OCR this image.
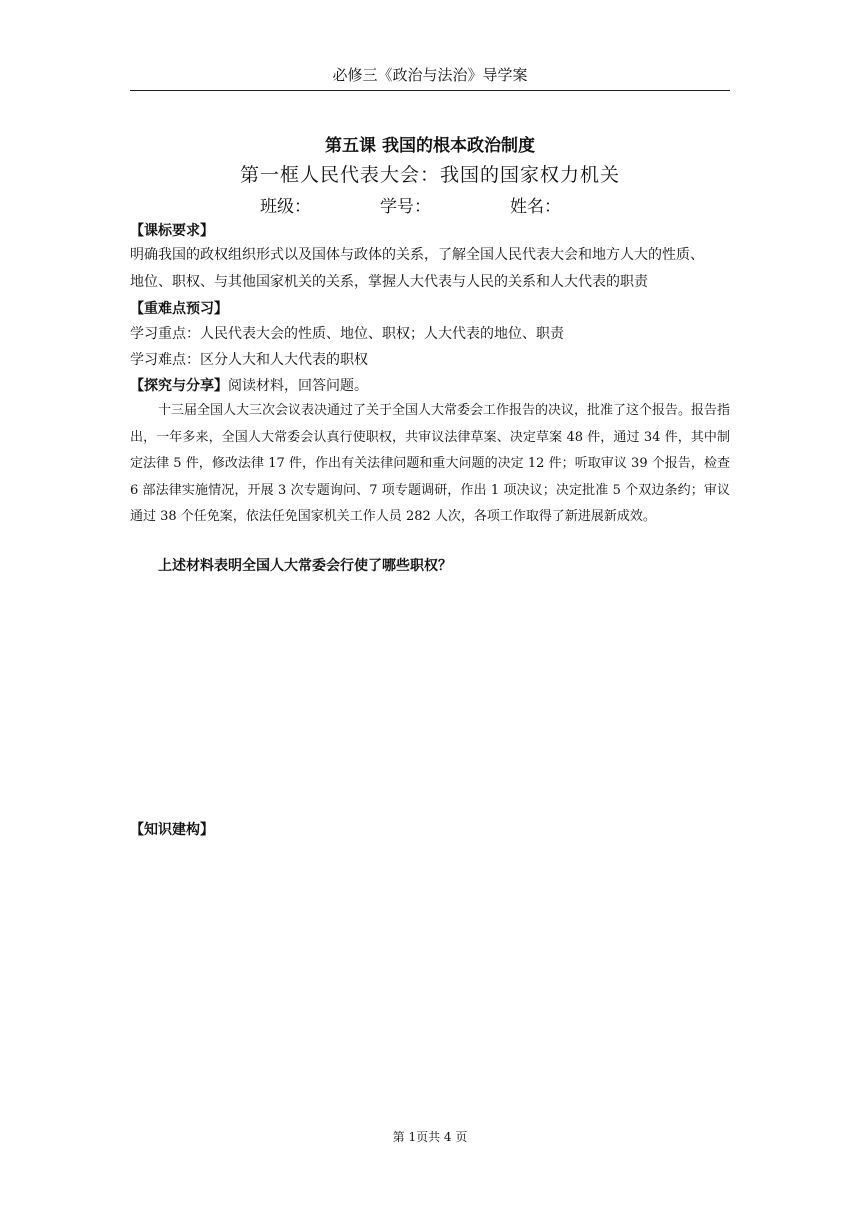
必修三《政治与法治》导学案
第五课 我国的根本政治制度
第一框人民代表大会：我国的国家权力机关
班级：	学号：	姓名：
【课标要求】
明确我国的政权组织形式以及国体与政体的关系，了解全国人民代表大会和地方人大的性质、
地位、职权、与其他国家机关的关系，掌握人大代表与人民的关系和人大代表的职责
【重难点预习】
学习重点：人民代表大会的性质、地位、职权；人大代表的地位、职责
学习难点：区分人大和人大代表的职权
【探究与分享】阅读材料，回答问题。
十三届全国人大三次会议表决通过了关于全国人大常委会工作报告的决议，批准了这个报告。报告指出，一年多来，全国人大常委会认真行使职权，共审议法律草案、决定草案 48 件，通过 34 件，其中制定法律 5 件，修改法律 17 件，作出有关法律问题和重大问题的决定 12 件；听取审议 39 个报告，检查 6 部法律实施情况，开展 3 次专题询问、7 项专题调研，作出 1 项决议；决定批准 5 个双边条约；审议通过 38 个任免案，依法任免国家机关工作人员 282 人次，各项工作取得了新进展新成效。
上述材料表明全国人大常委会行使了哪些职权？
【知识建构】
第 1页共 4 页
